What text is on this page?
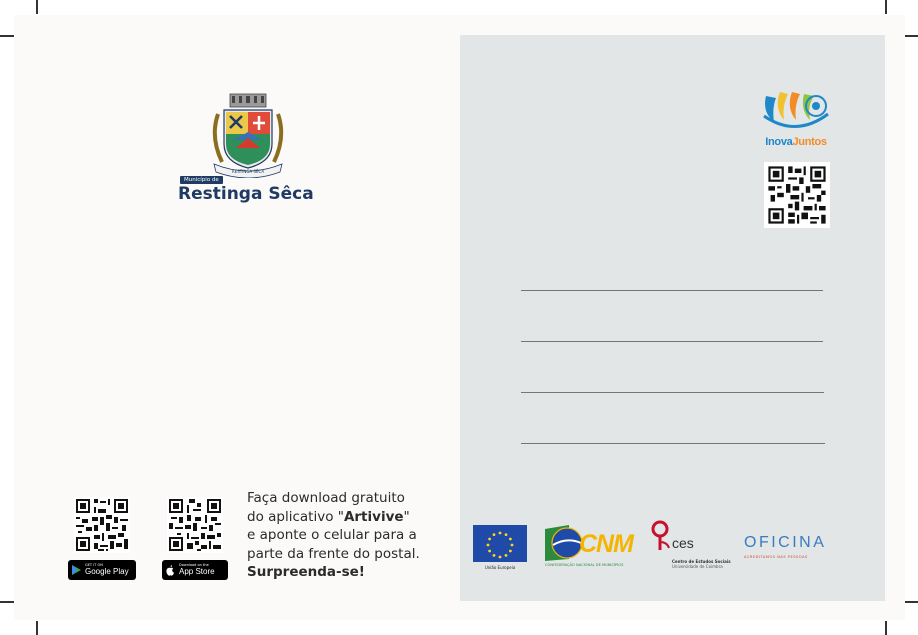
RESTINGA SÊCA
Município de
Restinga Sêca
GET IT ON
Google Play
Download on the
App Store
Faça download gratuito
do aplicativo "Artivive"
e aponte o celular para a
parte da frente do postal.
Surpreenda-se!
InovaJuntos
União Europeia
CNM
CONFEDERAÇÃO NACIONAL DE MUNICÍPIOS
ces
Centro de Estudos Sociais
Universidade de Coimbra
OFICINA
ACREDITAMOS NAS PESSOAS
